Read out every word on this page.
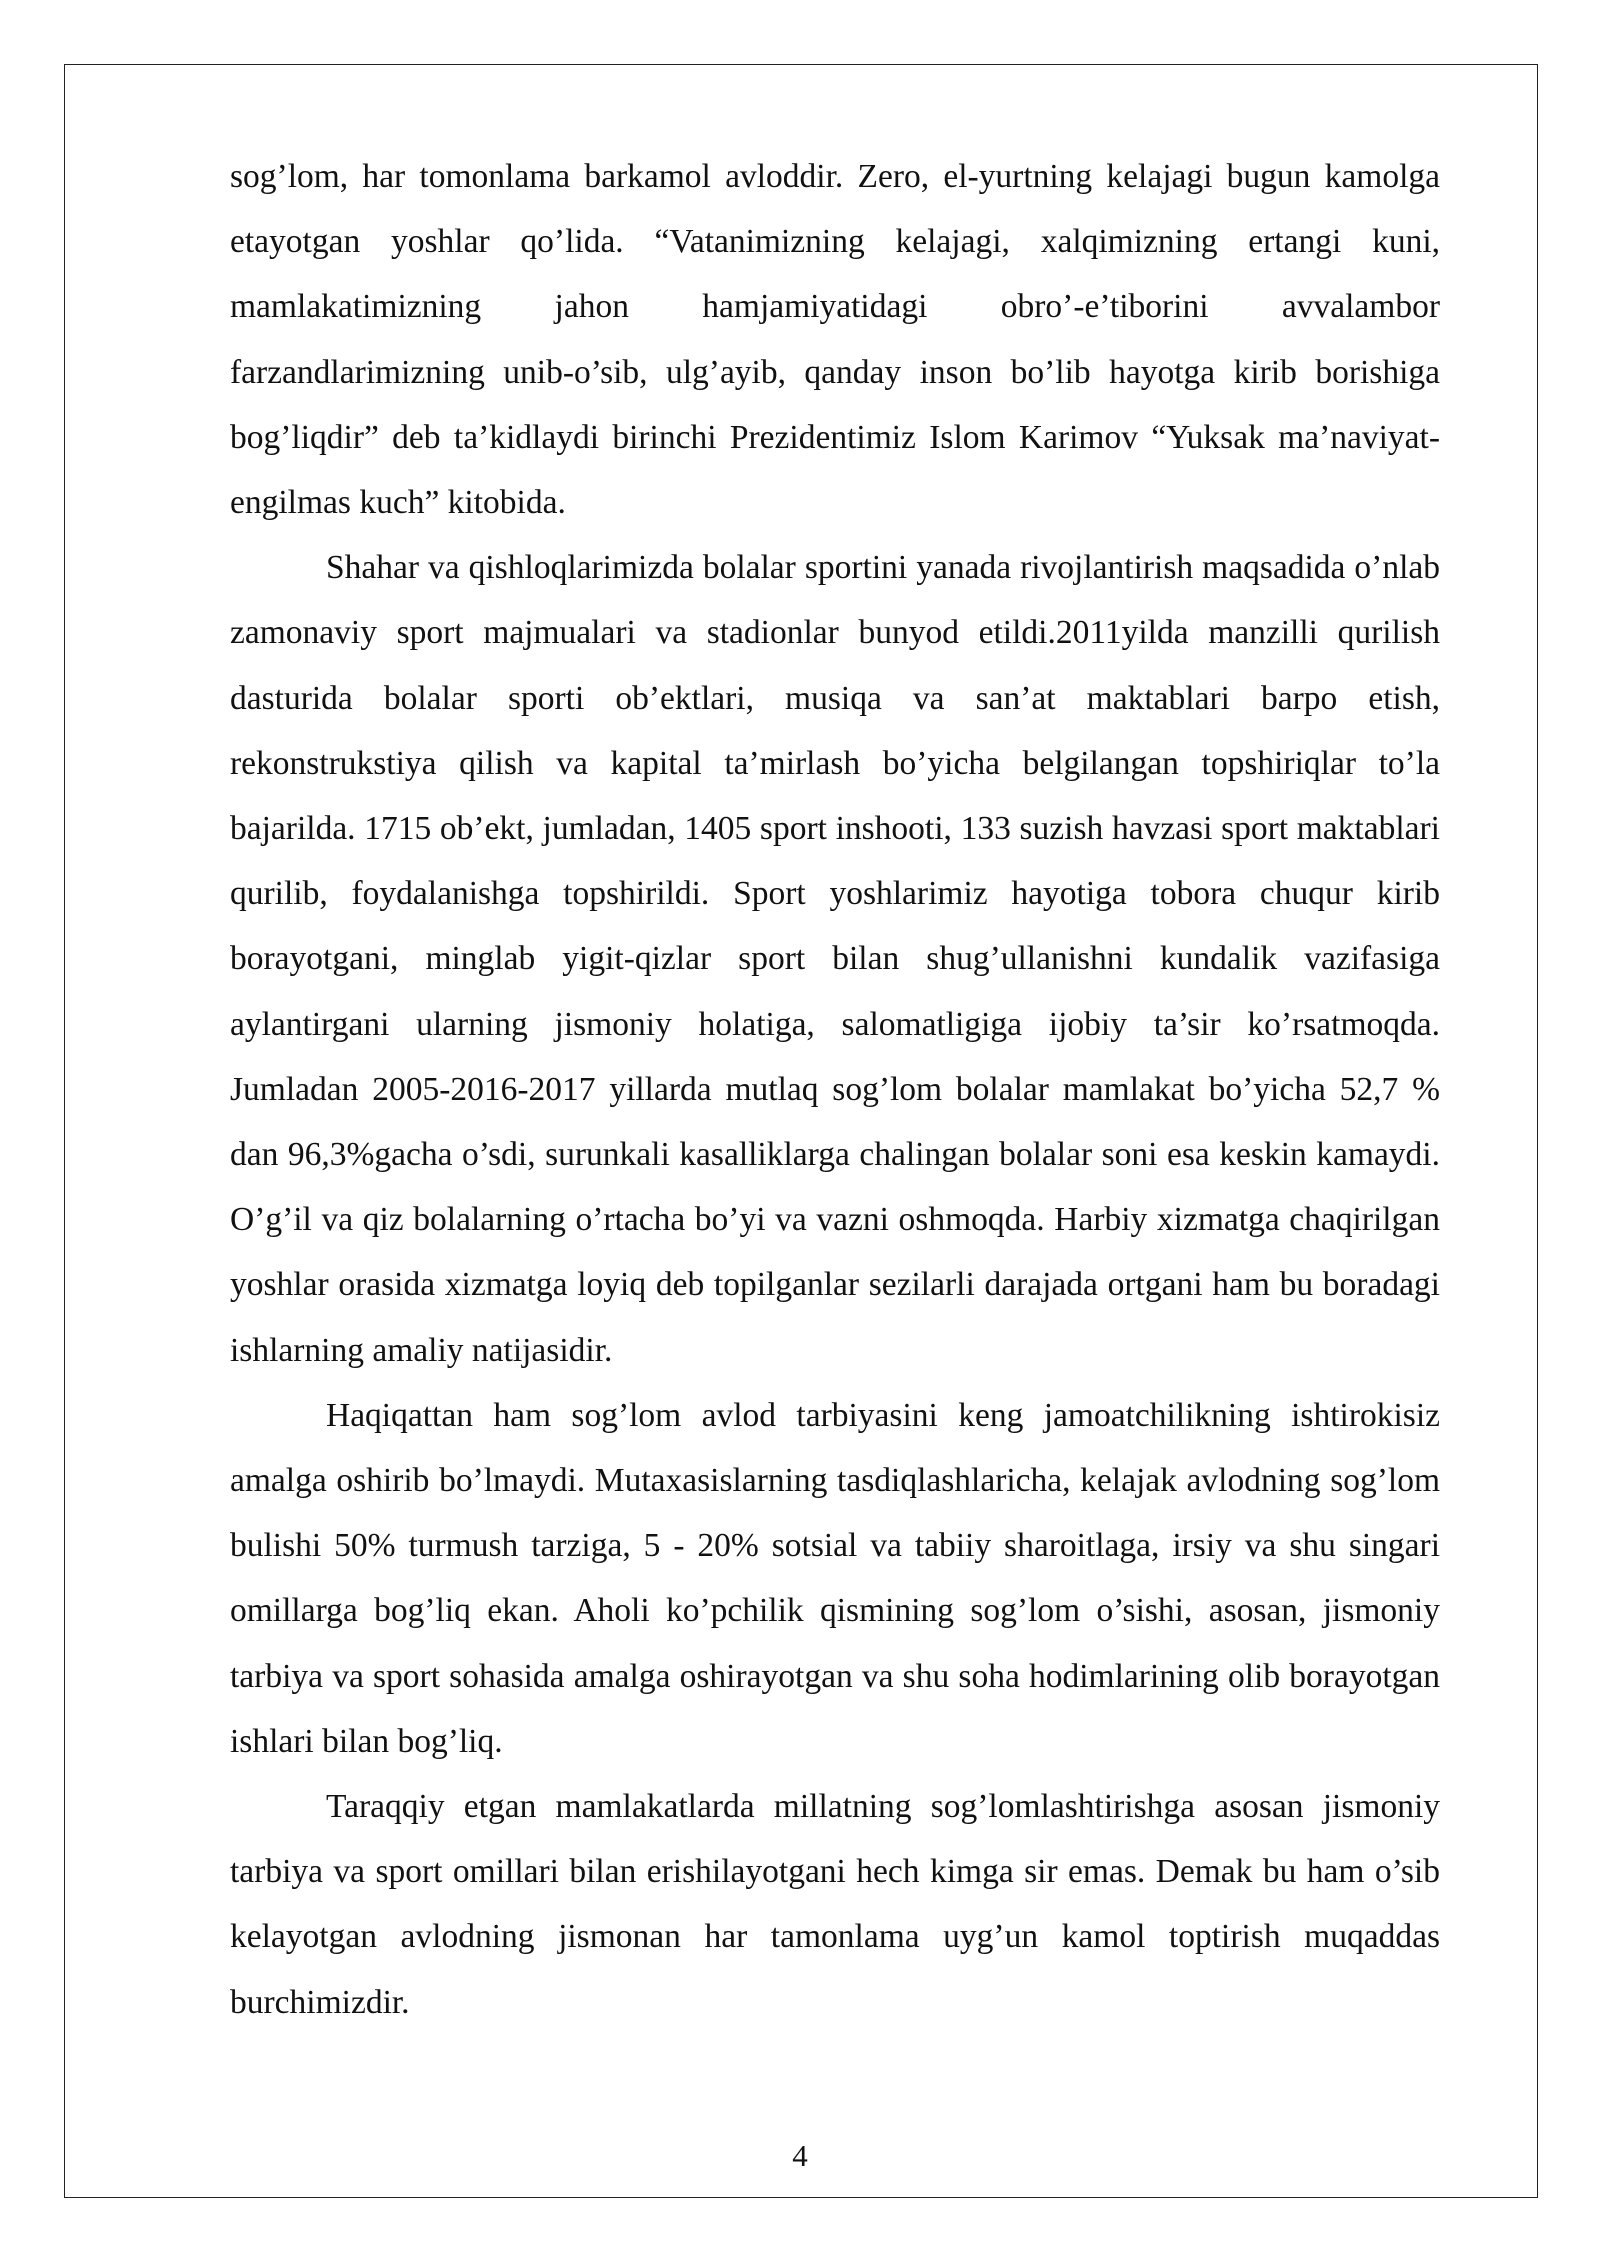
sog’lom, har tomonlama barkamol avloddir. Zero, el-yurtning kelajagi bugun kamolga etayotgan yoshlar qo’lida. “Vatanimizning kelajagi, xalqimizning ertangi kuni, mamlakatimizning jahon hamjamiyatidagi obro’-e’tiborini avvalambor farzandlarimizning unib-o’sib, ulg’ayib, qanday inson bo’lib hayotga kirib borishiga bog’liqdir” deb ta’kidlaydi birinchi Prezidentimiz Islom Karimov “Yuksak ma’naviyat-engilmas kuch” kitobida.

Shahar va qishloqlarimizda bolalar sportini yanada rivojlantirish maqsadida o’nlab zamonaviy sport majmualari va stadionlar bunyod etildi.2011yilda manzilli qurilish dasturida bolalar sporti ob’ektlari, musiqa va san’at maktablari barpo etish, rekonstrukstiya qilish va kapital ta’mirlash bo’yicha belgilangan topshiriqlar to’la bajarilda. 1715 ob’ekt, jumladan, 1405 sport inshooti, 133 suzish havzasi sport maktablari qurilib, foydalanishga topshirildi. Sport yoshlarimiz hayotiga tobora chuqur kirib borayotgani, minglab yigit-qizlar sport bilan shug’ullanishni kundalik vazifasiga aylantirgani ularning jismoniy holatiga, salomatligiga ijobiy ta’sir ko’rsatmoqda. Jumladan 2005-2016-2017 yillarda mutlaq sog’lom bolalar mamlakat bo’yicha 52,7 % dan 96,3%gacha o’sdi, surunkali kasalliklarga chalingan bolalar soni esa keskin kamaydi. O’g’il va qiz bolalarning o’rtacha bo’yi va vazni oshmoqda. Harbiy xizmatga chaqirilgan yoshlar orasida xizmatga loyiq deb topilganlar sezilarli darajada ortgani ham bu boradagi ishlarning amaliy natijasidir.

Haqiqattan ham sog’lom avlod tarbiyasini keng jamoatchilikning ishtirokisiz amalga oshirib bo’lmaydi. Mutaxasislarning tasdiqlashlaricha, kelajak avlodning sog’lom bulishi 50% turmush tarziga, 5 - 20% sotsial va tabiiy sharoitlaga, irsiy va shu singari omillarga bog’liq ekan. Aholi ko’pchilik qismining sog’lom o’sishi, asosan, jismoniy tarbiya va sport sohasida amalga oshirayotgan va shu soha hodimlarining olib borayotgan ishlari bilan bog’liq.

Taraqqiy etgan mamlakatlarda millatning sog’lomlashtirishga asosan jismoniy tarbiya va sport omillari bilan erishilayotgani hech kimga sir emas. Demak bu ham o’sib kelayotgan avlodning jismonan har tamonlama uyg’un kamol toptirish muqaddas burchimizdir.

4
